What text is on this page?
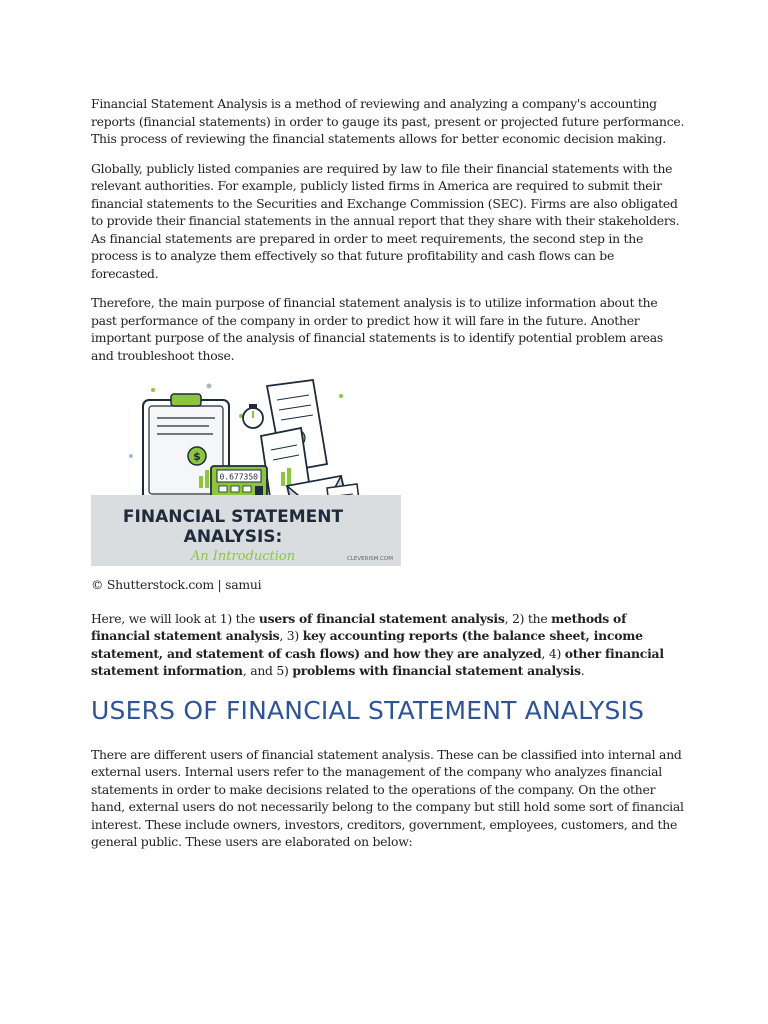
Financial Statement Analysis is a method of reviewing and analyzing a company's accounting reports (financial statements) in order to gauge its past, present or projected future performance. This process of reviewing the financial statements allows for better economic decision making.

Globally, publicly listed companies are required by law to file their financial statements with the relevant authorities. For example, publicly listed firms in America are required to submit their financial statements to the Securities and Exchange Commission (SEC). Firms are also obligated to provide their financial statements in the annual report that they share with their stakeholders. As financial statements are prepared in order to meet requirements, the second step in the process is to analyze them effectively so that future profitability and cash flows can be forecasted.

Therefore, the main purpose of financial statement analysis is to utilize information about the past performance of the company in order to predict how it will fare in the future. Another important purpose of the analysis of financial statements is to identify potential problem areas and troubleshoot those.

$
0.677350
FINANCIAL STATEMENT
ANALYSIS:
An Introduction	CLEVERISM.COM

© Shutterstock.com | samui

Here, we will look at 1) the users of financial statement analysis, 2) the methods of financial statement analysis, 3) key accounting reports (the balance sheet, income statement, and statement of cash flows) and how they are analyzed, 4) other financial statement information, and 5) problems with financial statement analysis.

USERS OF FINANCIAL STATEMENT ANALYSIS

There are different users of financial statement analysis. These can be classified into internal and external users. Internal users refer to the management of the company who analyzes financial statements in order to make decisions related to the operations of the company. On the other hand, external users do not necessarily belong to the company but still hold some sort of financial interest. These include owners, investors, creditors, government, employees, customers, and the general public. These users are elaborated on below:
